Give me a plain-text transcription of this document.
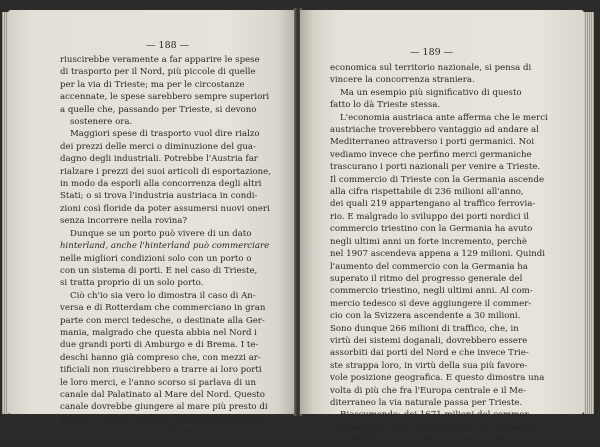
— 188 —

riuscirebbe veramente a far apparire le spese
di trasporto per il Nord, più piccole di quelle
per la via di Trieste; ma per le circostanze
accennate, le spese sarebbero sempre superiori
a quelle che, passando per Trieste, si devono
sostenere ora.
Maggiori spese di trasporto vuol dire rialzo
dei prezzi delle merci o diminuzione del gua-
dagno degli industriali. Potrebbe l'Austria far
rialzare i prezzi dei suoi articoli di esportazione,
in modo da esporli alla concorrenza degli altri
Stati; o si trova l'industria austriaca in condi-
zioni così floride da poter assumersi nuovi oneri
senza incorrere nella rovina?
Dunque se un porto può vivere di un dato
hinterland, anche l'hinterland può commerciare
nelle migliori condizioni solo con un porto o
con un sistema di porti. E nel caso di Trieste,
si tratta proprio di un solo porto.
Ciò ch'io sia vero lo dimostra il caso di An-
versa e di Rotterdam che commerciano in gran
parte con merci tedesche, o destinate alla Ger-
mania, malgrado che questa abbia nel Nord i
due grandi porti di Amburgo e di Brema. I te-
deschi hanno già compreso che, con mezzi ar-
tificiali non riuscirebbero a trarre ai loro porti
le loro merci, e l'anno scorso si parlava di un
canale dal Palatinato al Mare del Nord. Questo
canale dovrebbe giungere al mare più presto di
quanto vi giunge il Reno, l'arteria dei due porti
esteri, e così solo, facendo passare la via più

— 189 —

economica sul territorio nazionale, si pensa di
vincere la concorrenza straniera.
Ma un esempio più significativo di questo
fatto lo dà Trieste stessa.
L'economia austriaca ante afferma che le merci
austriache troverebbero vantaggio ad andare al
Mediterraneo attraverso i porti germanici. Noi
vediamo invece che perfino merci germaniche
trascurano i porti nazionali per venire a Trieste.
Il commercio di Trieste con la Germania ascende
alla cifra rispettabile di 236 milioni all'anno,
dei quali 219 appartengano al traffico ferrovia-
rio. E malgrado lo sviluppo dei porti nordici il
commercio triestino con la Germania ha avuto
negli ultimi anni un forte incremento, perchè
nel 1907 ascendeva appena a 129 milioni. Quindi
l'aumento del commercio con la Germania ha
superato il ritmo del progresso generale del
commercio triestino, negli ultimi anni. Al com-
mercio tedesco si deve aggiungere il commer-
cio con la Svizzera ascendente a 30 milioni.
Sono dunque 266 milioni di traffico, che, in
virtù dei sistemi doganali, dovrebbero essere
assorbiti dai porti del Nord e che invece Trie-
ste strappa loro, in virtù della sua più favore-
vole posizione geografica. E questo dimostra una
volta di più che fra l'Europa centrale e il Me-
diterraneo la via naturale passa per Trieste.
Riassumendo: dei 1671 milioni del commer-
cio marittimo 1341 appartengono al commercio
col Mediterraneo. Questo commercio ha il suo
